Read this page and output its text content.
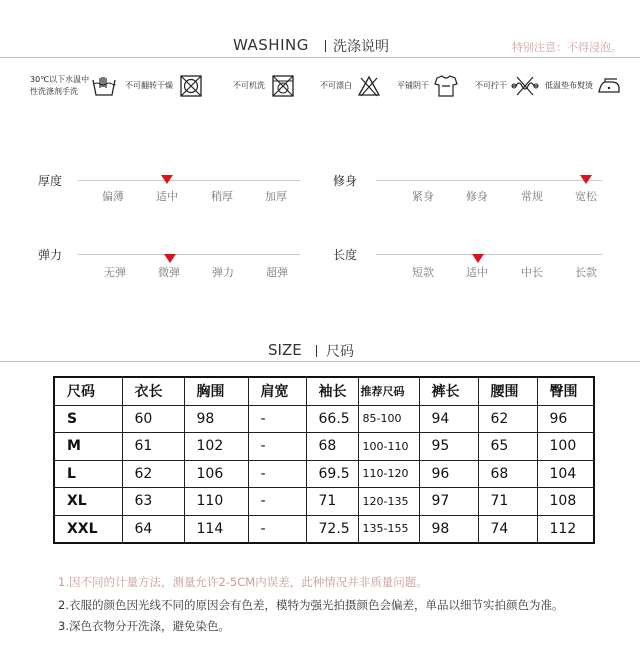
WASHING 洗涤说明	特别注意：不得浸泡。
30℃以下水温中
性洗涤剂手洗
不可翻转干燥	不可机洗	不可漂白	平铺阴干	不可拧干	低温垫布熨烫
厚度
偏薄	适中	稍厚	加厚
修身
紧身	修身	常规	宽松
弹力
无弹	微弹	弹力	超弹
长度
短款	适中	中长	长款
SIZE 尺码
尺码	衣长	胸围	肩宽	袖长	推荐尺码	裤长	腰围	臀围
S	60	98	-	66.5	85-100	94	62	96
M	61	102	-	68	100-110	95	65	100
L	62	106	-	69.5	110-120	96	68	104
XL	63	110	-	71	120-135	97	71	108
XXL	64	114	-	72.5	135-155	98	74	112
1.因不同的计量方法，测量允许2-5CM内误差，此种情况并非质量问题。
2.衣服的颜色因光线不同的原因会有色差，模特为强光拍摄颜色会偏差，单品以细节实拍颜色为准。
3.深色衣物分开洗涤，避免染色。
